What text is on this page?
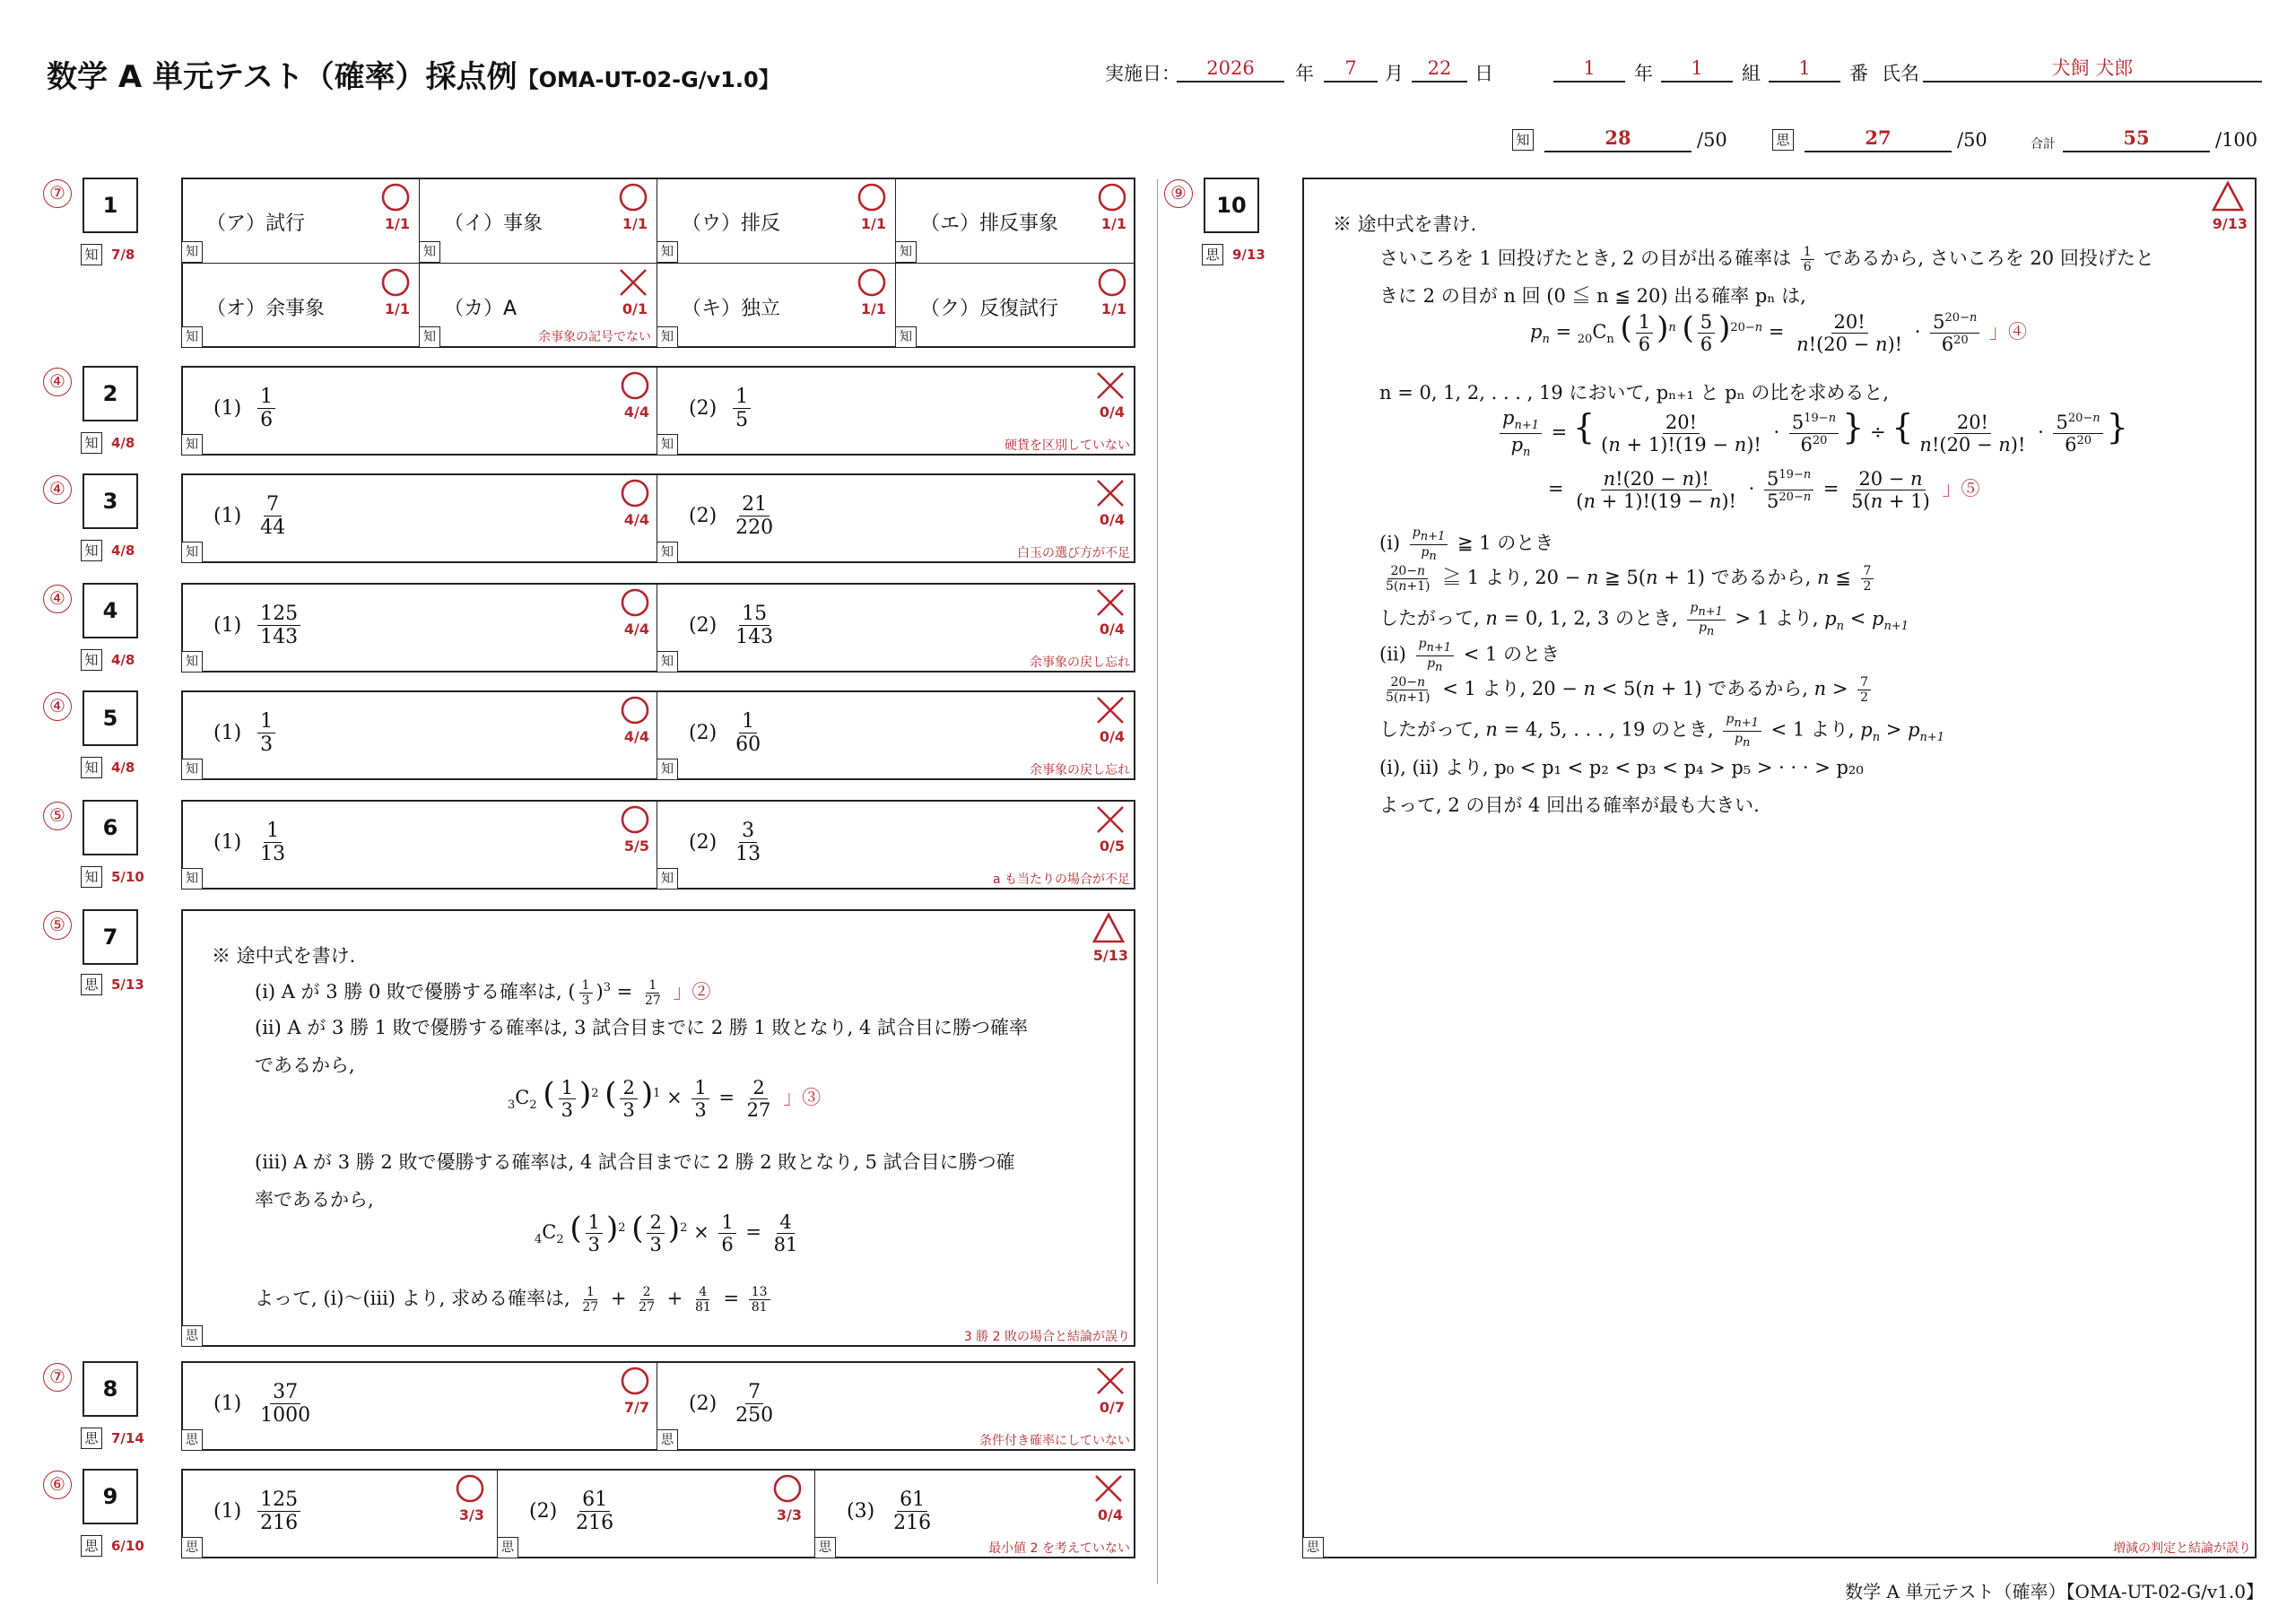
数学 A 単元テスト（確率）採点例【OMA-UT-02-G/v1.0】	実施日：	2026	年	7	月	22	日	1	年	1	組	1	番 氏名	犬飼 犬郎
知	28	/50	思	27	/50	合計	55	/100
⑦	1
知 7/8
（ア）試行	1/1
知
（イ）事象	1/1
知
（ウ）排反	1/1
知
（エ）排反事象	1/1
知
（オ）余事象	1/1
知
（カ）A	0/1
知	余事象の記号でない
（キ）独立	1/1
知
（ク）反復試行	1/1
知
④	2
知 4/8
$(1) \frac{1}{6}$	4/4
知
$(2) \frac{1}{5}$	0/4
知	硬貨を区別していない
④	3
知 4/8
$(1) \frac{7}{44}$	4/4
知
$(2) \frac{21}{220}$	0/4
知	白玉の選び方が不足
④	4
知 4/8
$(1) \frac{125}{143}$	4/4
知
$(2) \frac{15}{143}$	0/4
知	余事象の戻し忘れ
④	5
知 4/8
$(1) \frac{1}{3}$	4/4
知
$(2) \frac{1}{60}$	0/4
知	余事象の戻し忘れ
⑤	6
知 5/10
$(1) \frac{1}{13}$	5/5
知
$(2) \frac{3}{13}$	0/5
知	a も当たりの場合が不足
⑤	7
思 5/13
5/13
思	3 勝 2 敗の場合と結論が誤り
※ 途中式を書け.
(i) A が 3 勝 0 敗で優勝する確率は, ( $\frac{1}{3} )^3 = \frac{1}{27}$ 」②
(ii) A が 3 勝 1 敗で優勝する確率は, 3 試合目までに 2 勝 1 敗となり, 4 試合目に勝つ確率
であるから,
$_3C_2$ ( $\frac{1}{3} )^2$ ( $\frac{2}{3} )^1 \times \frac{1}{3} = \frac{2}{27}$ 」③
(iii) A が 3 勝 2 敗で優勝する確率は, 4 試合目までに 2 勝 2 敗となり, 5 試合目に勝つ確
率であるから,
$_4C_2$ ( $\frac{1}{3} )^2$ ( $\frac{2}{3} )^2 \times \frac{1}{6} = \frac{4}{81}$
よって, (i)〜(iii) より, 求める確率は, $\frac{1}{27} + \frac{2}{27} + \frac{4}{81} = \frac{13}{81}$
⑦	8
思 7/14
$(1) \frac{37}{1000}$	7/7
思
$(2) \frac{7}{250}$	0/7
思	条件付き確率にしていない
⑥	9
思 6/10
$(1) \frac{125}{216}$	3/3
思
$(2) \frac{61}{216}$	3/3
思
$(3) \frac{61}{216}$	0/4
思	最小値 2 を考えていない
⑨	10
思 9/13
9/13
思	増減の判定と結論が誤り
※ 途中式を書け.
さいころを 1 回投げたとき, 2 の目が出る確率は $\frac{1}{6}$ であるから, さいころを 20 回投げたと
きに 2 の目が n 回 (0 ≦ n ≦ 20) 出る確率 pₙ は,
$p_n = _{20}C_n$ ( $\frac{1}{6} )^n$ ( $\frac{5}{6} )^{20-n} = \frac{20!}{n!(20 - n)!} \cdot \frac{5^{20-n}}{6^{20}}$ 」④
n = 0, 1, 2, . . . , 19 において, pₙ₊₁ と pₙ の比を求めると,
$\frac{p_{n+1}}{p_n}$ = { $\frac{20!}{(n + 1)!(19 - n)!} \cdot \frac{5^{19-n}}{6^{20}}$ } ÷ { $\frac{20!}{n!(20 - n)!} \cdot \frac{5^{20-n}}{6^{20}}$ }
= $\frac{n!(20 - n)!}{(n + 1)!(19 - n)!} \cdot \frac{5^{19-n}}{5^{20-n}} = \frac{20 - n}{5(n + 1)}$ 」⑤
$(i) \frac{p_{n+1}}{p_n}$ ≧ 1 のとき
$\frac{20-n}{5(n+1)}$ ≧ 1 より, 20 − n ≧ 5(n + 1) であるから, n ≦ $\frac{7}{2}$
したがって, n = 0, 1, 2, 3 のとき, $\frac{p_{n+1}}{p_n} > 1$ より, $p_n < p_{n+1}$
$(ii) \frac{p_{n+1}}{p_n} < 1$ のとき
$\frac{20-n}{5(n+1)} < 1$ より, 20 − n < 5(n + 1) であるから, $n > \frac{7}{2}$
したがって, n = 4, 5, . . . , 19 のとき, $\frac{p_{n+1}}{p_n} < 1$ より, $p_n > p_{n+1}$
(i), (ii) より, p₀ < p₁ < p₂ < p₃ < p₄ > p₅ > · · · > p₂₀
よって, 2 の目が 4 回出る確率が最も大きい.
数学 A 単元テスト（確率）【OMA-UT-02-G/v1.0】
